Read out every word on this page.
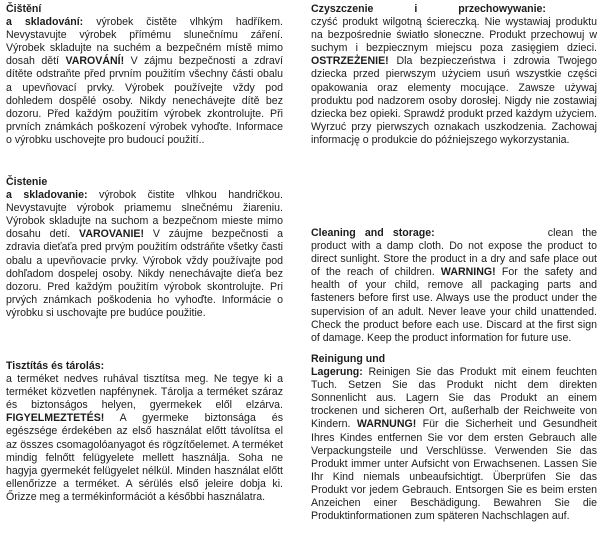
Čištění

a skladování: výrobek čistěte vlhkým hadříkem. Nevystavujte výrobek přímému slunečnímu záření. Výrobek skladujte na suchém a bezpečném místě mimo dosah dětí VAROVÁNÍ! V zájmu bezpečnosti a zdraví dítěte odstraňte před prvním použitím všechny části obalu a upevňovací prvky. Výrobek používejte vždy pod dohledem dospělé osoby. Nikdy nenechávejte dítě bez dozoru. Před každým použitím výrobek zkontrolujte. Při prvních známkách poškození výrobek vyhoďte. Informace o výrobku uschovejte pro budoucí použití..

Čistenie

a skladovanie: výrobok čistite vlhkou handričkou. Nevystavujte výrobok priamemu slnečnému žiareniu. Výrobok skladujte na suchom a bezpečnom mieste mimo dosahu detí. VAROVANIE! V záujme bezpečnosti a zdravia dieťaťa pred prvým použitím odstráňte všetky časti obalu a upevňovacie prvky. Výrobok vždy používajte pod dohľadom dospelej osoby. Nikdy nenechávajte dieťa bez dozoru. Pred každým použitím výrobok skontrolujte. Pri prvých známkach poškodenia ho vyhoďte. Informácie o výrobku si uschovajte pre budúce použitie.

Tisztítás és tárolás:

a terméket nedves ruhával tisztítsa meg. Ne tegye ki a terméket közvetlen napfénynek. Tárolja a terméket száraz és biztonságos helyen, gyermekek elől elzárva. FIGYELMEZTETÉS! A gyermeke biztonsága és egészsége érdekében az első használat előtt távolítsa el az összes csomagolóanyagot és rögzítőelemet. A terméket mindig felnőtt felügyelete mellett használja. Soha ne hagyja gyermekét felügyelet nélkül. Minden használat előtt ellenőrizze a terméket. A sérülés első jeleire dobja ki. Őrizze meg a termékinformációt a későbbi használatra.

Czyszczenie i przechowywanie:

czyść produkt wilgotną ściereczką. Nie wystawiaj produktu na bezpośrednie światło słoneczne. Produkt przechowuj w suchym i bezpiecznym miejscu poza zasięgiem dzieci. OSTRZEŻENIE! Dla bezpieczeństwa i zdrowia Twojego dziecka przed pierwszym użyciem usuń wszystkie części opakowania oraz elementy mocujące. Zawsze używaj produktu pod nadzorem osoby dorosłej. Nigdy nie zostawiaj dziecka bez opieki. Sprawdź produkt przed każdym użyciem. Wyrzuć przy pierwszych oznakach uszkodzenia. Zachowaj informację o produkcie do późniejszego wykorzystania.

Cleaning and storage:	clean the product with a damp cloth. Do not expose the product to direct sunlight. Store the product in a dry and safe place out of the reach of children. WARNING! For the safety and health of your child, remove all packaging parts and fasteners before first use. Always use the product under the supervision of an adult. Never leave your child unattended. Check the product before each use. Discard at the first sign of damage. Keep the product information for future use.

Reinigung und

Lagerung: Reinigen Sie das Produkt mit einem feuchten Tuch. Setzen Sie das Produkt nicht dem direkten Sonnenlicht aus. Lagern Sie das Produkt an einem trockenen und sicheren Ort, außerhalb der Reichweite von Kindern. WARNUNG! Für die Sicherheit und Gesundheit Ihres Kindes entfernen Sie vor dem ersten Gebrauch alle Verpackungsteile und Verschlüsse. Verwenden Sie das Produkt immer unter Aufsicht von Erwachsenen. Lassen Sie Ihr Kind niemals unbeaufsichtigt. Überprüfen Sie das Produkt vor jedem Gebrauch. Entsorgen Sie es beim ersten Anzeichen einer Beschädigung. Bewahren Sie die Produktinformationen zum späteren Nachschlagen auf.
